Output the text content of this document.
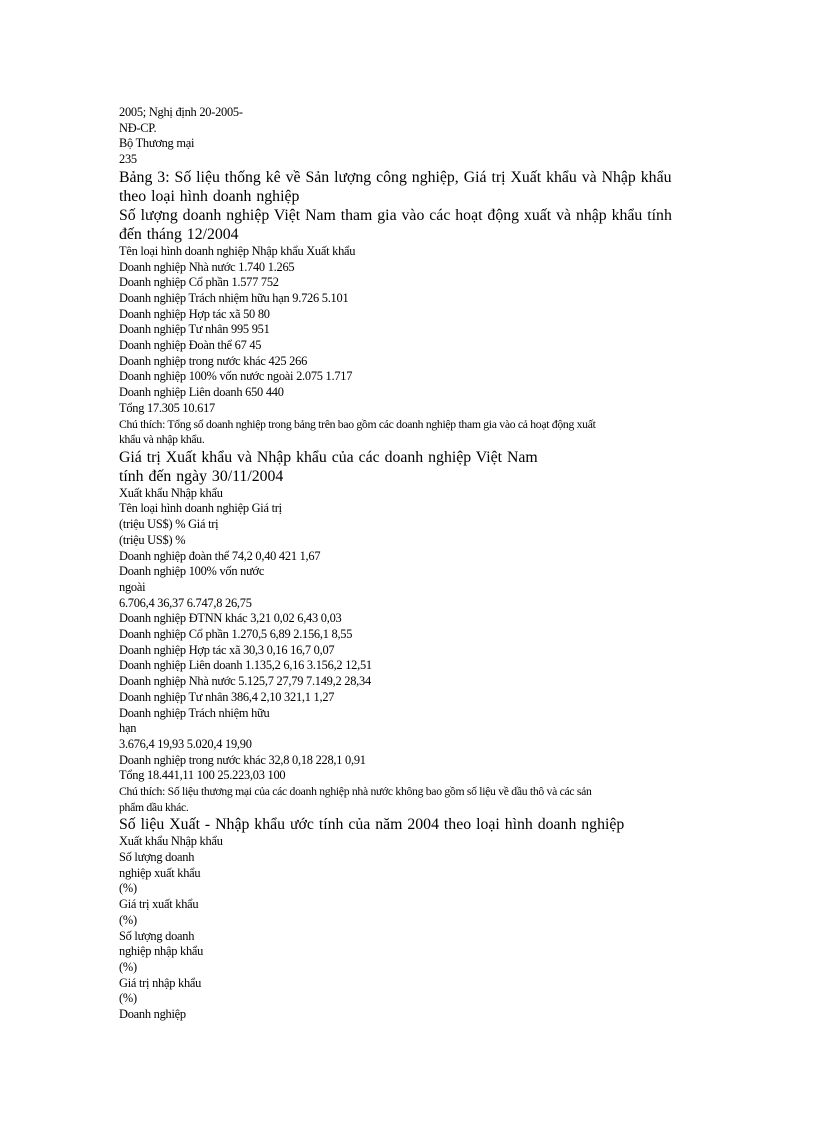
2005; Nghị định 20-2005-
NĐ-CP.
Bộ Thương mại
235
Bảng 3: Số liệu thống kê về Sản lượng công nghiệp, Giá trị Xuất khẩu và Nhập khẩu
theo loại hình doanh nghiệp
Số lượng doanh nghiệp Việt Nam tham gia vào các hoạt động xuất và nhập khẩu tính
đến tháng 12/2004
Tên loại hình doanh nghiệp Nhập khẩu Xuất khẩu
Doanh nghiệp Nhà nước 1.740 1.265
Doanh nghiệp Cổ phần 1.577 752
Doanh nghiệp Trách nhiệm hữu hạn 9.726 5.101
Doanh nghiệp Hợp tác xã 50 80
Doanh nghiệp Tư nhân 995 951
Doanh nghiệp Đoàn thể 67 45
Doanh nghiệp trong nước khác 425 266
Doanh nghiệp 100% vốn nước ngoài 2.075 1.717
Doanh nghiệp Liên doanh 650 440
Tổng 17.305 10.617
Chú thích: Tổng số doanh nghiệp trong bảng trên bao gồm các doanh nghiệp tham gia vào cả hoạt động xuất
khẩu và nhập khẩu.
Giá trị Xuất khẩu và Nhập khẩu của các doanh nghiệp Việt Nam
tính đến ngày 30/11/2004
Xuất khẩu Nhập khẩu
Tên loại hình doanh nghiệp Giá trị
(triệu US$) % Giá trị
(triệu US$) %
Doanh nghiệp đoàn thể 74,2 0,40 421 1,67
Doanh nghiệp 100% vốn nước
ngoài
6.706,4 36,37 6.747,8 26,75
Doanh nghiệp ĐTNN khác 3,21 0,02 6,43 0,03
Doanh nghiệp Cổ phần 1.270,5 6,89 2.156,1 8,55
Doanh nghiệp Hợp tác xã 30,3 0,16 16,7 0,07
Doanh nghiệp Liên doanh 1.135,2 6,16 3.156,2 12,51
Doanh nghiệp Nhà nước 5.125,7 27,79 7.149,2 28,34
Doanh nghiệp Tư nhân 386,4 2,10 321,1 1,27
Doanh nghiệp Trách nhiệm hữu
hạn
3.676,4 19,93 5.020,4 19,90
Doanh nghiệp trong nước khác 32,8 0,18 228,1 0,91
Tổng 18.441,11 100 25.223,03 100
Chú thích: Số liệu thương mại của các doanh nghiệp nhà nước không bao gồm số liệu về dầu thô và các sản
phẩm dầu khác.
Số liệu Xuất - Nhập khẩu ước tính của năm 2004 theo loại hình doanh nghiệp
Xuất khẩu Nhập khẩu
Số lượng doanh
nghiệp xuất khẩu
(%)
Giá trị xuất khẩu
(%)
Số lượng doanh
nghiệp nhập khẩu
(%)
Giá trị nhập khẩu
(%)
Doanh nghiệp
